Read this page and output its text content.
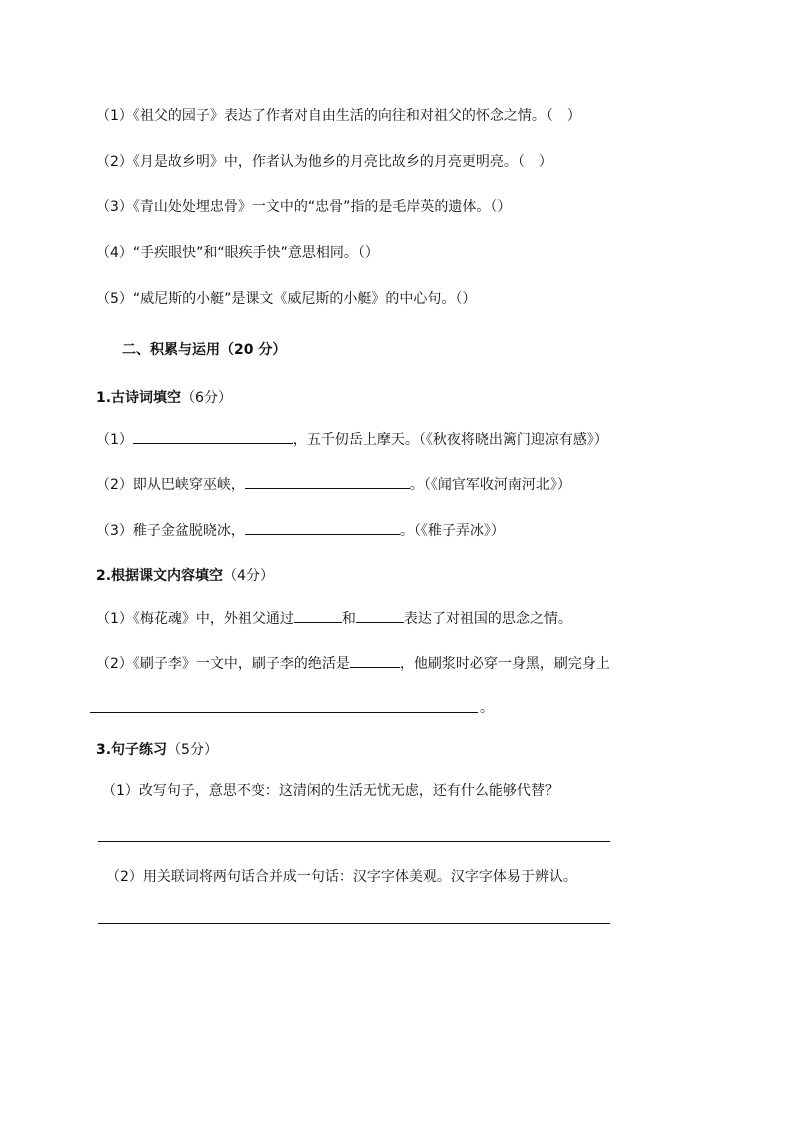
（1）《祖父的园子》表达了作者对自由生活的向往和对祖父的怀念之情。（　）
（2）《月是故乡明》中，作者认为他乡的月亮比故乡的月亮更明亮。（　）
（3）《青山处处埋忠骨》一文中的“忠骨”指的是毛岸英的遗体。（）
（4）“手疾眼快”和“眼疾手快”意思相同。（）
（5）“威尼斯的小艇”是课文《威尼斯的小艇》的中心句。（）
二、积累与运用（20 分）
1.古诗词填空（6分）
（1）	，五千仞岳上摩天。（《秋夜将晓出篱门迎凉有感》）
（2）即从巴峡穿巫峡，	。（《闻官军收河南河北》）
（3）稚子金盆脱晓冰，	。（《稚子弄冰》）
2.根据课文内容填空（4分）
（1）《梅花魂》中，外祖父通过	和	表达了对祖国的思念之情。
（2）《刷子李》一文中，刷子李的绝活是	，他刷浆时必穿一身黑，刷完身上
。
3.句子练习（5分）
（1）改写句子，意思不变：这清闲的生活无忧无虑，还有什么能够代替？
（2）用关联词将两句话合并成一句话：汉字字体美观。汉字字体易于辨认。
